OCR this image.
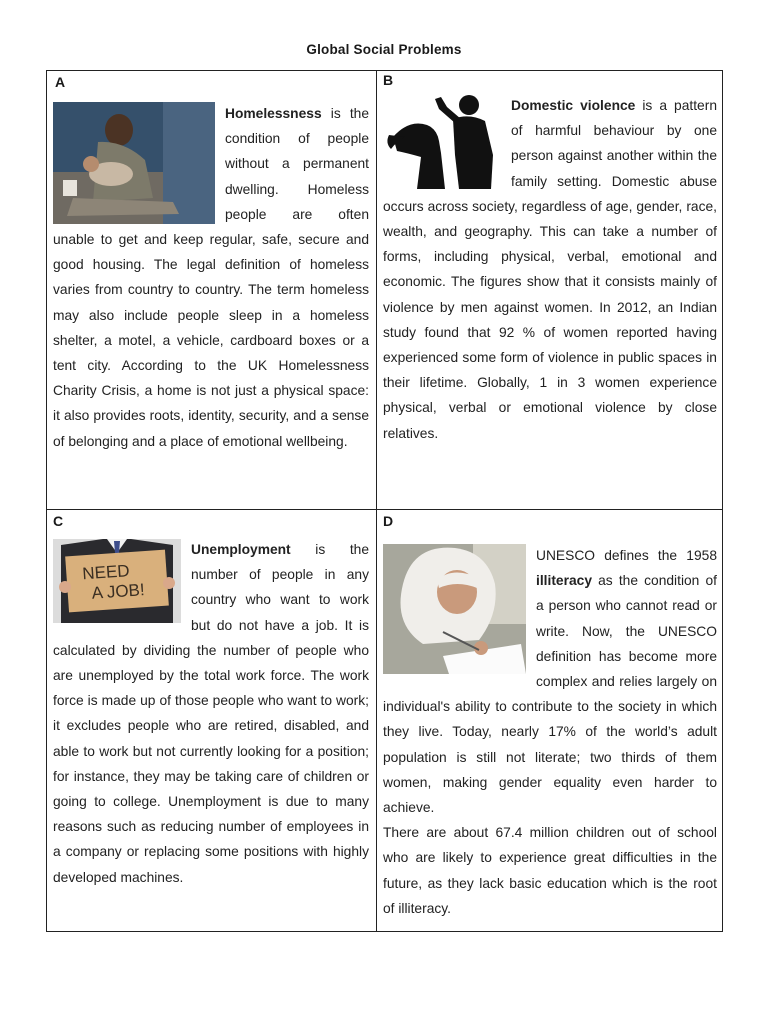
Global Social Problems
A
Homelessness is the condition of people without a permanent dwelling. Homeless people are often unable to get and keep regular, safe, secure and good housing. The legal definition of homeless varies from country to country. The term homeless may also include people sleep in a homeless shelter, a motel, a vehicle, cardboard boxes or a tent city. According to the UK Homelessness Charity Crisis, a home is not just a physical space: it also provides roots, identity, security, and a sense of belonging and a place of emotional wellbeing.
B
Domestic violence is a pattern of harmful behaviour by one person against another within the family setting. Domestic abuse occurs across society, regardless of age, gender, race, wealth, and geography. This can take a number of forms, including physical, verbal, emotional and economic. The figures show that it consists mainly of violence by men against women. In 2012, an Indian study found that 92 % of women reported having experienced some form of violence in public spaces in their lifetime. Globally, 1 in 3 women experience physical, verbal or emotional violence by close relatives.
C
NEED
A JOB!
Unemployment is the number of people in any country who want to work but do not have a job. It is calculated by dividing the number of people who are unemployed by the total work force. The work force is made up of those people who want to work; it excludes people who are retired, disabled, and able to work but not currently looking for a position; for instance, they may be taking care of children or going to college. Unemployment is due to many reasons such as reducing number of employees in a company or replacing some positions with highly developed machines.
D
UNESCO defines the 1958 illiteracy as the condition of a person who cannot read or write. Now, the UNESCO definition has become more complex and relies largely on individual's ability to contribute to the society in which they live. Today, nearly 17% of the world’s adult population is still not literate; two thirds of them women, making gender equality even harder to achieve.
There are about 67.4 million children out of school who are likely to experience great difficulties in the future, as they lack basic education which is the root of illiteracy.
